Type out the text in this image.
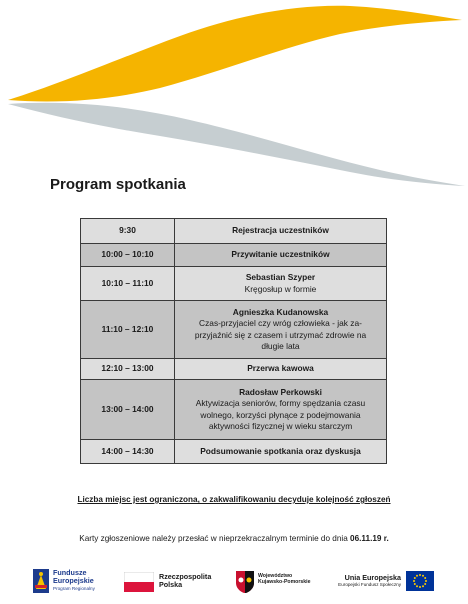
Program spotkania
9:30	Rejestracja uczestników
10:00 – 10:10	Przywitanie uczestników
10:10 – 11:10	Sebastian Szyper
Kręgosłup w formie

11:10 – 12:10	Agnieszka Kudanowska
Czas-przyjaciel czy wróg człowieka - jak za-
przyjaźnić się z czasem i utrzymać zdrowie na
długie lata

12:10 – 13:00	Przerwa kawowa
13:00 – 14:00	Radosław Perkowski
Aktywizacja seniorów, formy spędzania czasu
wolnego, korzyści płynące z podejmowania
aktywności fizycznej w wieku starczym

14:00 – 14:30	Podsumowanie spotkania oraz dyskusja
Liczba miejsc jest ograniczona, o zakwalifikowaniu decyduje kolejność zgłoszeń
Karty zgłoszeniowe należy przesłać w nieprzekraczalnym terminie do dnia 06.11.19 r.
Fundusze
Europejskie
Program Regionalny
Rzeczpospolita
Polska
Województwo
Kujawsko-Pomorskie	Unia Europejska
Europejski Fundusz Społeczny
